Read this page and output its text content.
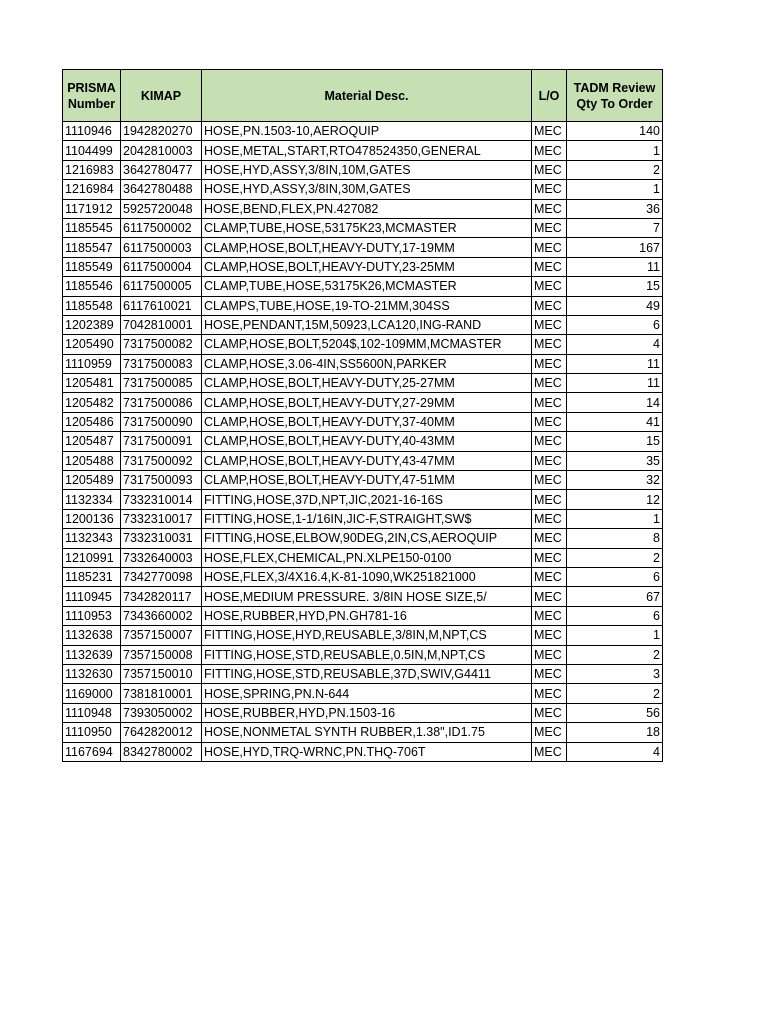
PRISMA Number	KIMAP	Material Desc.	L/O	TADM Review Qty To Order
1110946	1942820270	HOSE,PN.1503-10,AEROQUIP	MEC	140
1104499	2042810003	HOSE,METAL,START,RTO478524350,GENERAL	MEC	1
1216983	3642780477	HOSE,HYD,ASSY,3/8IN,10M,GATES	MEC	2
1216984	3642780488	HOSE,HYD,ASSY,3/8IN,30M,GATES	MEC	1
1171912	5925720048	HOSE,BEND,FLEX,PN.427082	MEC	36
1185545	6117500002	CLAMP,TUBE,HOSE,53175K23,MCMASTER	MEC	7
1185547	6117500003	CLAMP,HOSE,BOLT,HEAVY-DUTY,17-19MM	MEC	167
1185549	6117500004	CLAMP,HOSE,BOLT,HEAVY-DUTY,23-25MM	MEC	11
1185546	6117500005	CLAMP,TUBE,HOSE,53175K26,MCMASTER	MEC	15
1185548	6117610021	CLAMPS,TUBE,HOSE,19-TO-21MM,304SS	MEC	49
1202389	7042810001	HOSE,PENDANT,15M,50923,LCA120,ING-RAND	MEC	6
1205490	7317500082	CLAMP,HOSE,BOLT,5204$,102-109MM,MCMASTER	MEC	4
1110959	7317500083	CLAMP,HOSE,3.06-4IN,SS5600N,PARKER	MEC	11
1205481	7317500085	CLAMP,HOSE,BOLT,HEAVY-DUTY,25-27MM	MEC	11
1205482	7317500086	CLAMP,HOSE,BOLT,HEAVY-DUTY,27-29MM	MEC	14
1205486	7317500090	CLAMP,HOSE,BOLT,HEAVY-DUTY,37-40MM	MEC	41
1205487	7317500091	CLAMP,HOSE,BOLT,HEAVY-DUTY,40-43MM	MEC	15
1205488	7317500092	CLAMP,HOSE,BOLT,HEAVY-DUTY,43-47MM	MEC	35
1205489	7317500093	CLAMP,HOSE,BOLT,HEAVY-DUTY,47-51MM	MEC	32
1132334	7332310014	FITTING,HOSE,37D,NPT,JIC,2021-16-16S	MEC	12
1200136	7332310017	FITTING,HOSE,1-1/16IN,JIC-F,STRAIGHT,SW$	MEC	1
1132343	7332310031	FITTING,HOSE,ELBOW,90DEG,2IN,CS,AEROQUIP	MEC	8
1210991	7332640003	HOSE,FLEX,CHEMICAL,PN.XLPE150-0100	MEC	2
1185231	7342770098	HOSE,FLEX,3/4X16.4,K-81-1090,WK251821000	MEC	6
1110945	7342820117	HOSE,MEDIUM PRESSURE. 3/8IN HOSE SIZE,5/	MEC	67
1110953	7343660002	HOSE,RUBBER,HYD,PN.GH781-16	MEC	6
1132638	7357150007	FITTING,HOSE,HYD,REUSABLE,3/8IN,M,NPT,CS	MEC	1
1132639	7357150008	FITTING,HOSE,STD,REUSABLE,0.5IN,M,NPT,CS	MEC	2
1132630	7357150010	FITTING,HOSE,STD,REUSABLE,37D,SWIV,G4411	MEC	3
1169000	7381810001	HOSE,SPRING,PN.N-644	MEC	2
1110948	7393050002	HOSE,RUBBER,HYD,PN.1503-16	MEC	56
1110950	7642820012	HOSE,NONMETAL SYNTH RUBBER,1.38",ID1.75	MEC	18
1167694	8342780002	HOSE,HYD,TRQ-WRNC,PN.THQ-706T	MEC	4
